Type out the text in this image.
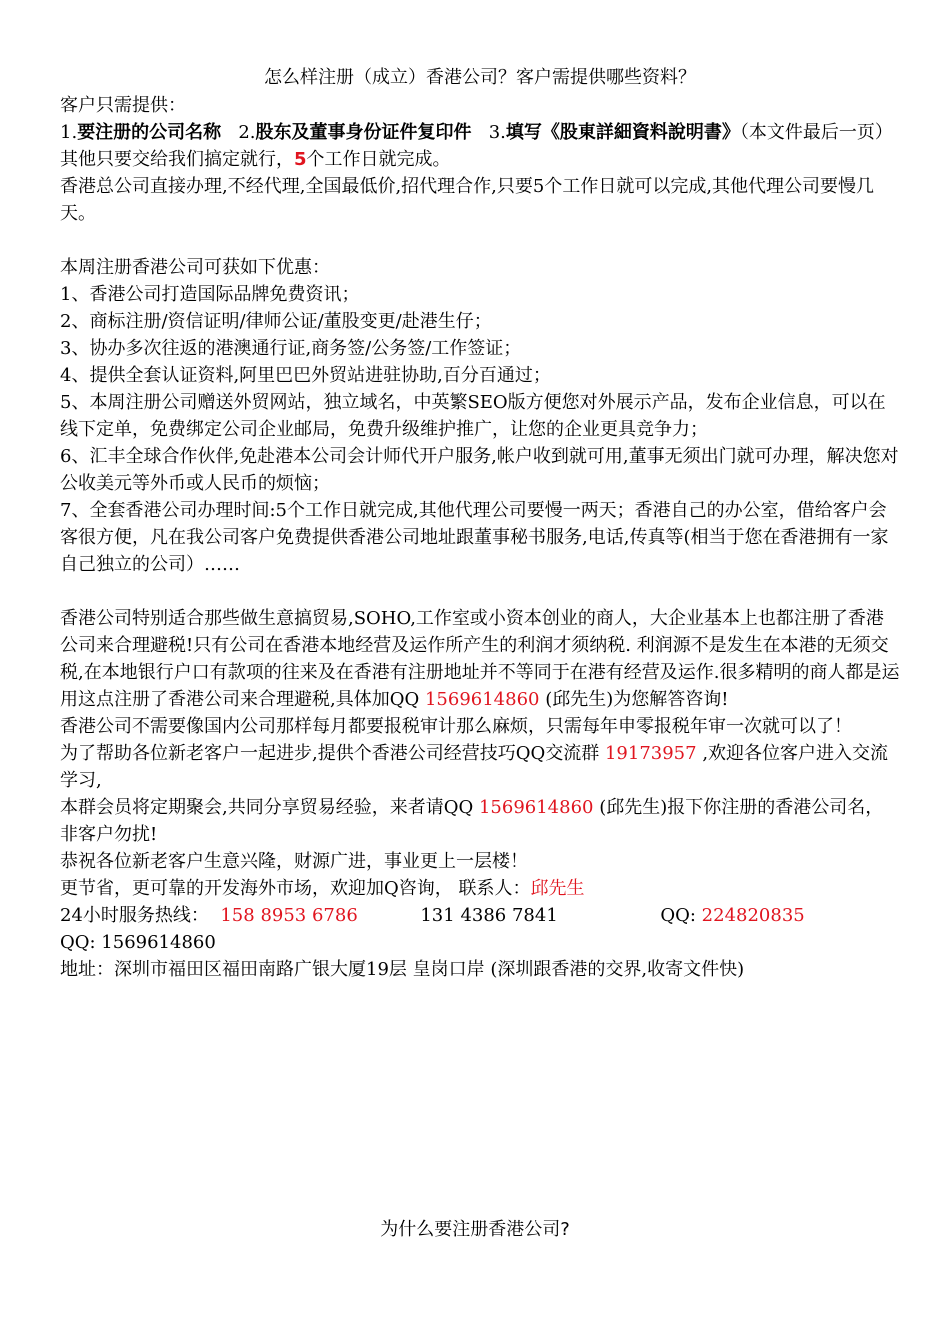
怎么样注册（成立）香港公司？客户需提供哪些资料？

客户只需提供：

1.要注册的公司名称 2.股东及董事身份证件复印件 3.填写《股東詳細資料說明書》（本文件最后一页）

其他只要交给我们搞定就行，5个工作日就完成。

香港总公司直接办理,不经代理,全国最低价,招代理合作,只要5个工作日就可以完成,其他代理公司要慢几天。

本周注册香港公司可获如下优惠：

1、香港公司打造国际品牌免费资讯；

2、商标注册/资信证明/律师公证/董股变更/赴港生仔；

3、协办多次往返的港澳通行证,商务签/公务签/工作签证；

4、提供全套认证资料,阿里巴巴外贸站进驻协助,百分百通过；

5、本周注册公司赠送外贸网站，独立域名，中英繁SEO版方便您对外展示产品，发布企业信息，可以在线下定单，免费绑定公司企业邮局，免费升级维护推广，让您的企业更具竞争力；

6、汇丰全球合作伙伴,免赴港本公司会计师代开户服务,帐户收到就可用,董事无须出门就可办理，解决您对公收美元等外币或人民币的烦恼；

7、全套香港公司办理时间:5个工作日就完成,其他代理公司要慢一两天；香港自己的办公室，借给客户会客很方便，凡在我公司客户免费提供香港公司地址跟董事秘书服务,电话,传真等(相当于您在香港拥有一家自己独立的公司）……

香港公司特别适合那些做生意搞贸易,SOHO,工作室或小资本创业的商人，大企业基本上也都注册了香港公司来合理避税!只有公司在香港本地经营及运作所产生的利润才须纳税. 利润源不是发生在本港的无须交税,在本地银行户口有款项的往来及在香港有注册地址并不等同于在港有经营及运作.很多精明的商人都是运用这点注册了香港公司来合理避税,具体加QQ 1569614860 (邱先生)为您解答咨询!

香港公司不需要像国内公司那样每月都要报税审计那么麻烦，只需每年申零报税年审一次就可以了！

为了帮助各位新老客户一起进步,提供个香港公司经营技巧QQ交流群 19173957 ,欢迎各位客户进入交流学习,

本群会员将定期聚会,共同分享贸易经验，来者请QQ 1569614860 (邱先生)报下你注册的香港公司名，非客户勿扰!

恭祝各位新老客户生意兴隆，财源广进，事业更上一层楼！

更节省，更可靠的开发海外市场，欢迎加Q咨询， 联系人：邱先生

24小时服务热线： 158 8953 6786	131 4386 7841	QQ: 224820835

QQ: 1569614860

地址：深圳市福田区福田南路广银大厦19层 皇岗口岸 (深圳跟香港的交界,收寄文件快)

为什么要注册香港公司?
